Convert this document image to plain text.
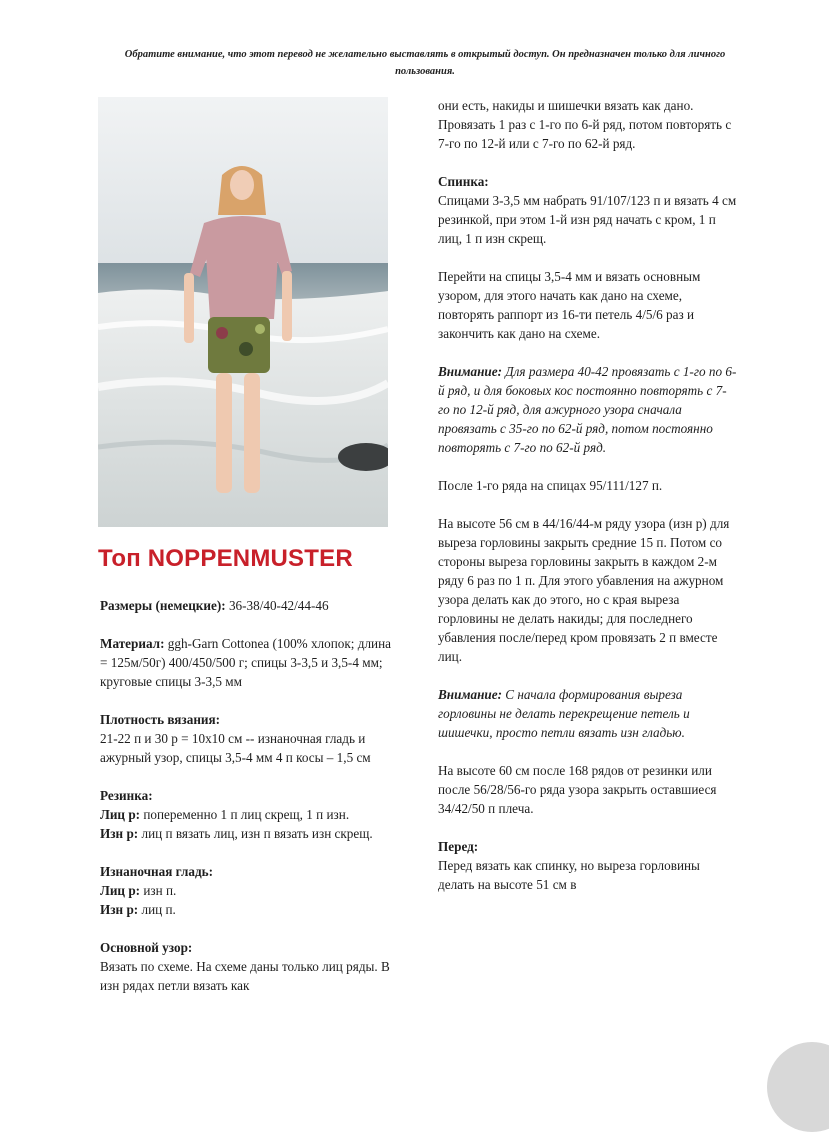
Обратите внимание, что этот перевод не желательно выставлять в открытый доступ. Он предназначен только для личного пользования.
Топ NOPPENMUSTER

Размеры (немецкие): 36-38/40-42/44-46

Материал: ggh-Garn Cottonea (100% хлопок; длина = 125м/50г) 400/450/500 г; спицы 3-3,5 и 3,5-4 мм; круговые спицы 3-3,5 мм

Плотность вязания:

21-22 п и 30 р = 10x10 см -- изнаночная гладь и ажурный узор, спицы 3,5-4 мм 4 п косы – 1,5 см

Резинка:

Лиц р: попеременно 1 п лиц скрещ, 1 п изн.

Изн р: лиц п вязать лиц, изн п вязать изн скрещ.

Изнаночная гладь:

Лиц р: изн п.

Изн р: лиц п.

Основной узор:

Вязать по схеме. На схеме даны только лиц ряды. В изн рядах петли вязать как

они есть, накиды и шишечки вязать как дано. Провязать 1 раз с 1-го по 6-й ряд, потом повторять с 7-го по 12-й или с 7-го по 62-й ряд.

Спинка:

Спицами 3-3,5 мм набрать 91/107/123 п и вязать 4 см резинкой, при этом 1-й изн ряд начать с кром, 1 п лиц, 1 п изн скрещ.

Перейти на спицы 3,5-4 мм и вязать основным узором, для этого начать как дано на схеме, повторять раппорт из 16-ти петель 4/5/6 раз и закончить как дано на схеме.

Внимание: Для размера 40-42 провязать с 1-го по 6-й ряд, и для боковых кос постоянно повторять с 7-го по 12-й ряд, для ажурного узора сначала провязать с 35-го по 62-й ряд, потом постоянно повторять с 7-го по 62-й ряд.

После 1-го ряда на спицах 95/111/127 п.

На высоте 56 см в 44/16/44-м ряду узора (изн р) для выреза горловины закрыть средние 15 п. Потом со стороны выреза горловины закрыть в каждом 2-м ряду 6 раз по 1 п. Для этого убавления на ажурном узора делать как до этого, но с края выреза горловины не делать накиды; для последнего убавления после/перед кром провязать 2 п вместе лиц.

Внимание: С начала формирования выреза горловины не делать перекрещение петель и шишечки, просто петли вязать изн гладью.

На высоте 60 см после 168 рядов от резинки или после 56/28/56-го ряда узора закрыть оставшиеся 34/42/50 п плеча.

Перед:

Перед вязать как спинку, но выреза горловины делать на высоте 51 см в
